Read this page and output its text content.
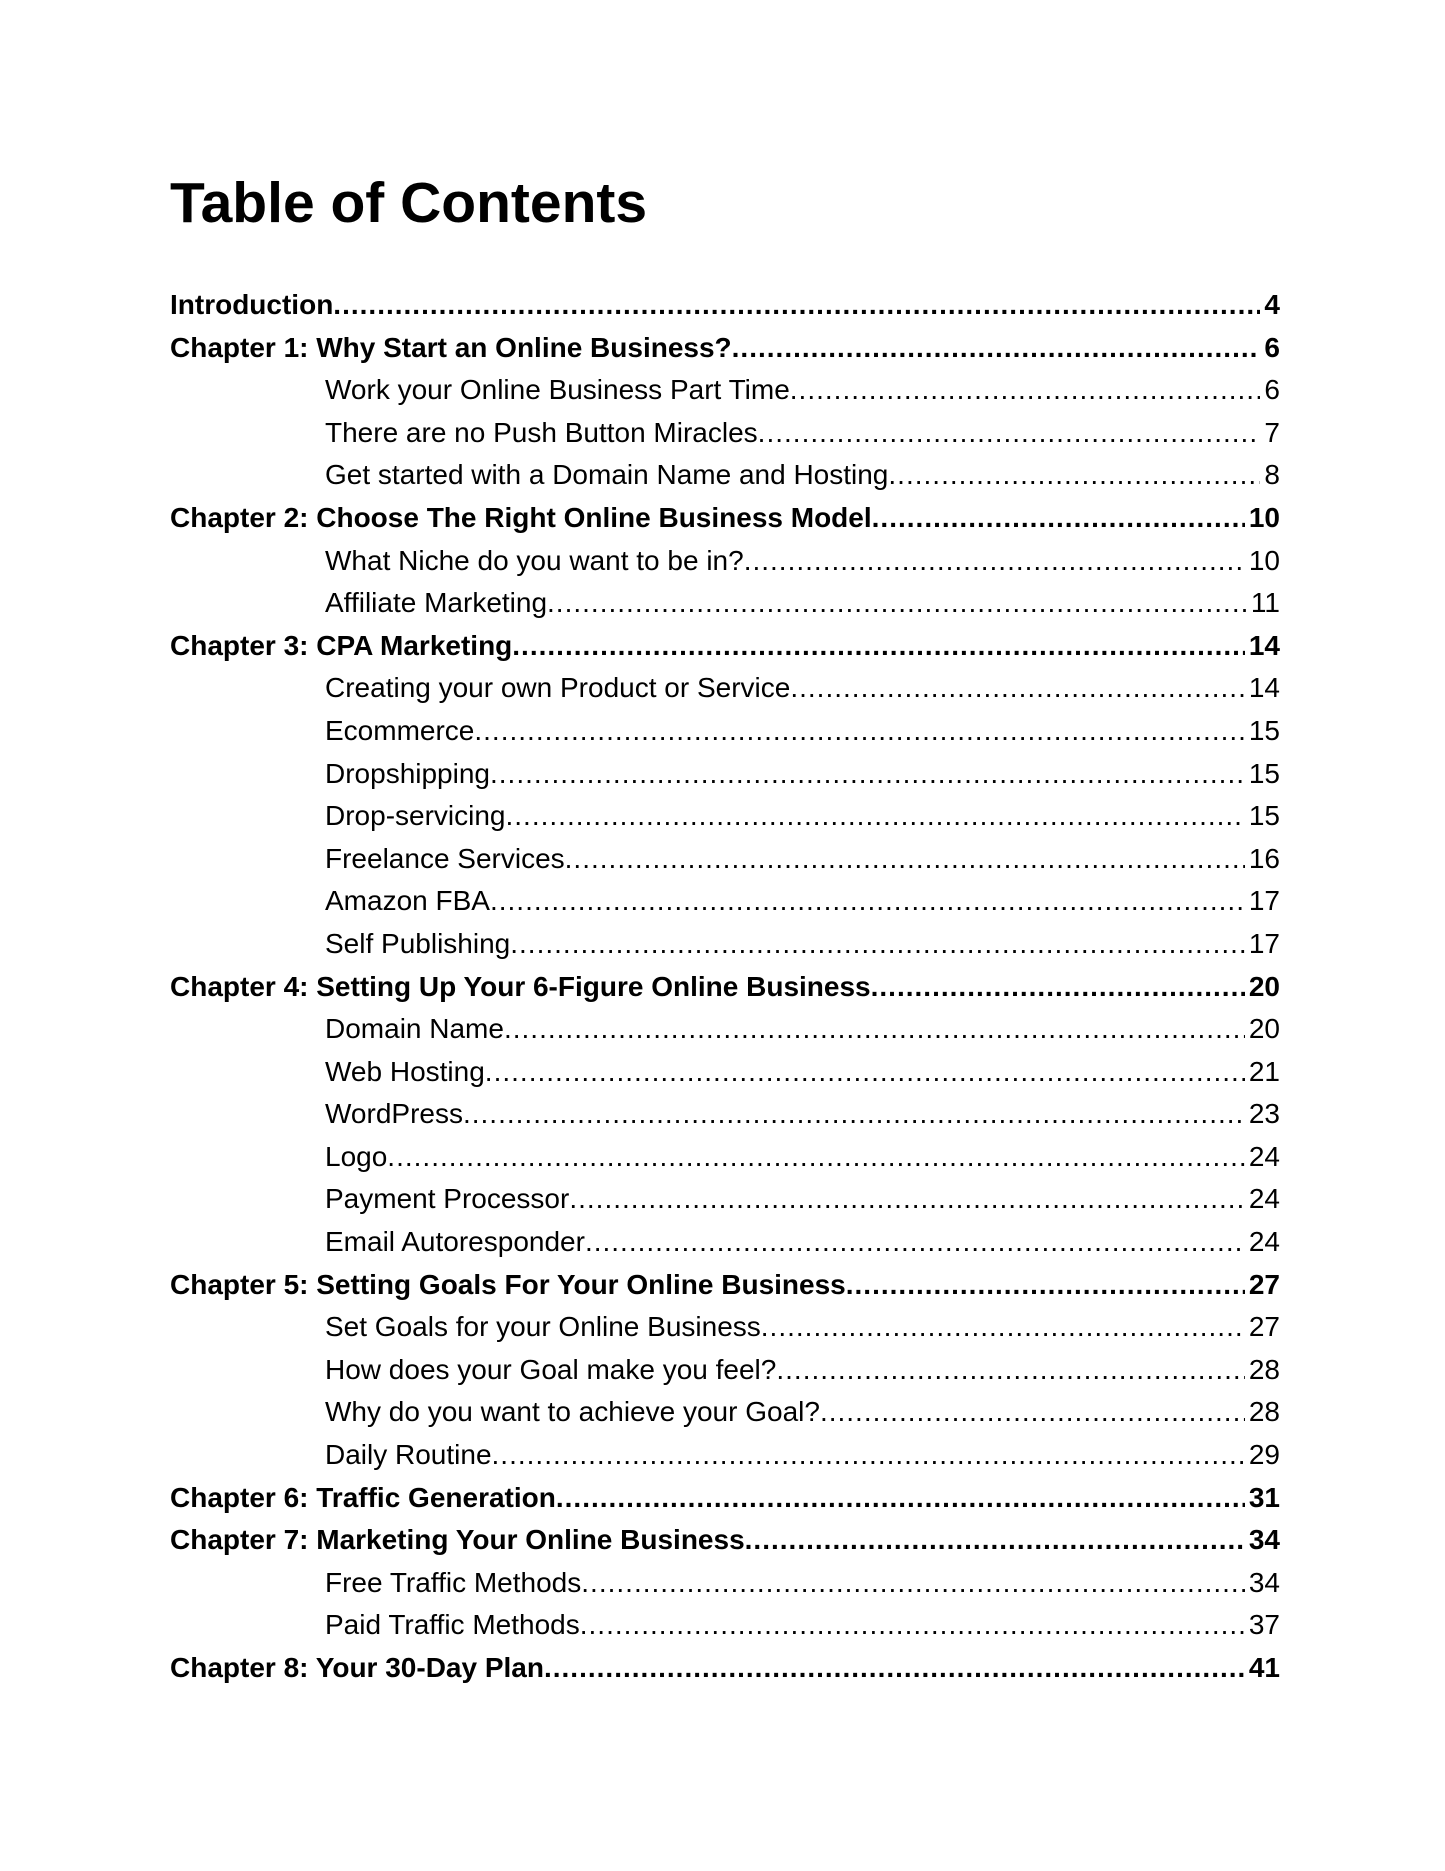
Table of Contents
Introduction .....	4
Chapter 1: Why Start an Online Business? .....	6
Work your Online Business Part Time .....	6
There are no Push Button Miracles .....	7
Get started with a Domain Name and Hosting .....	8
Chapter 2: Choose The Right Online Business Model .....	10
What Niche do you want to be in? .....	10
Affiliate Marketing .....	11
Chapter 3: CPA Marketing .....	14
Creating your own Product or Service .....	14
Ecommerce .....	15
Dropshipping .....	15
Drop-servicing .....	15
Freelance Services .....	16
Amazon FBA .....	17
Self Publishing .....	17
Chapter 4: Setting Up Your 6-Figure Online Business .....	20
Domain Name .....	20
Web Hosting .....	21
WordPress .....	23
Logo .....	24
Payment Processor .....	24
Email Autoresponder .....	24
Chapter 5: Setting Goals For Your Online Business .....	27
Set Goals for your Online Business .....	27
How does your Goal make you feel? .....	28
Why do you want to achieve your Goal? .....	28
Daily Routine .....	29
Chapter 6: Traffic Generation .....	31
Chapter 7: Marketing Your Online Business .....	34
Free Traffic Methods .....	34
Paid Traffic Methods .....	37
Chapter 8: Your 30-Day Plan .....	41
